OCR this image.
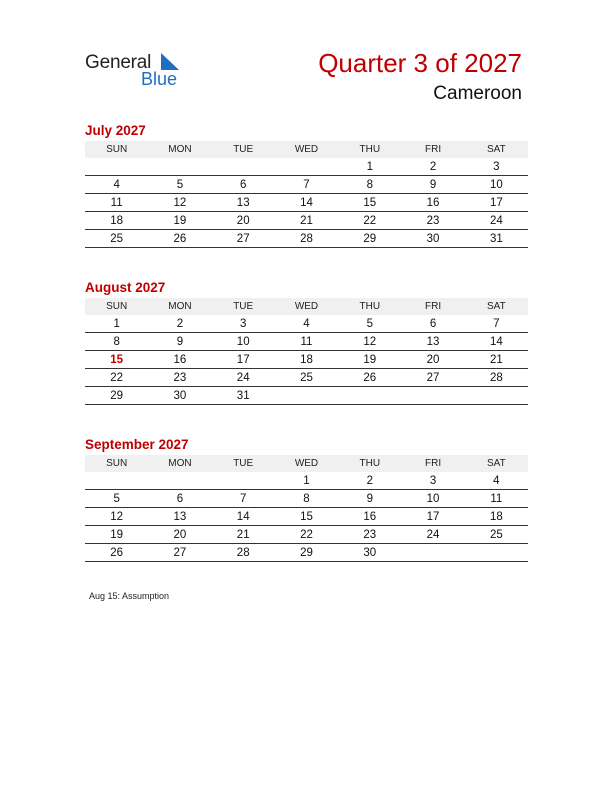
General
Blue
Quarter 3 of 2027
Cameroon
July 2027
SUN	MON	TUE	WED	THU	FRI	SAT
				1	2	3
4	5	6	7	8	9	10
11	12	13	14	15	16	17
18	19	20	21	22	23	24
25	26	27	28	29	30	31
August 2027
SUN	MON	TUE	WED	THU	FRI	SAT
1	2	3	4	5	6	7
8	9	10	11	12	13	14
15	16	17	18	19	20	21
22	23	24	25	26	27	28
29	30	31				
September 2027
SUN	MON	TUE	WED	THU	FRI	SAT
			1	2	3	4
5	6	7	8	9	10	11
12	13	14	15	16	17	18
19	20	21	22	23	24	25
26	27	28	29	30		
Aug 15: Assumption
